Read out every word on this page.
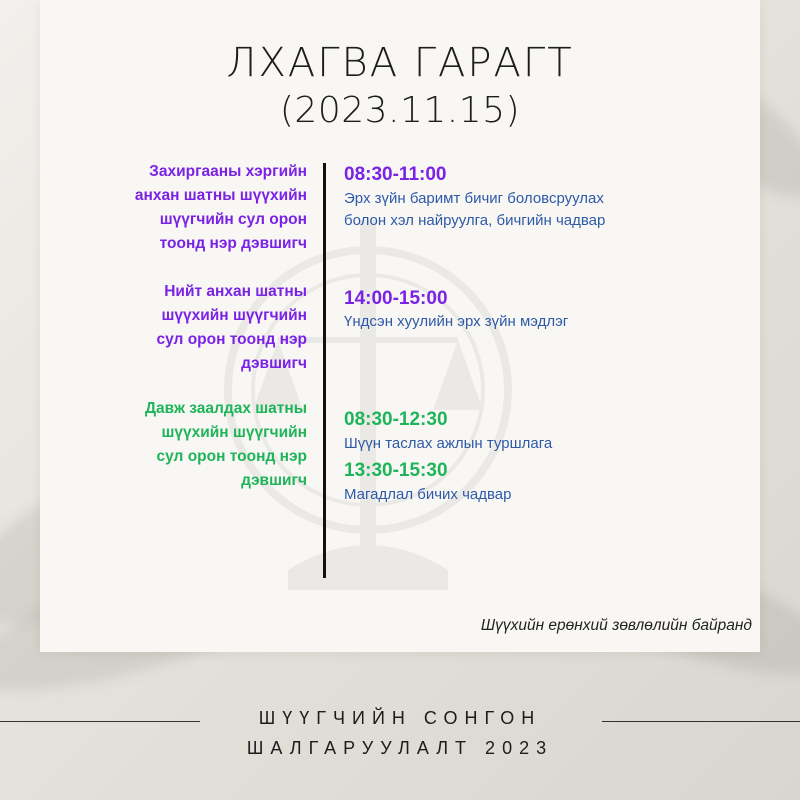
ЛХАГВА ГАРАГТ
(2023.11.15)
Захиргааны хэргийн
анхан шатны шүүхийн
шүүгчийн сул орон
тоонд нэр дэвшигч
08:30-11:00
Эрх зүйн баримт бичиг боловсруулах
болон хэл найруулга, бичгийн чадвар
Нийт анхан шатны
шүүхийн шүүгчийн
сул орон тоонд нэр
дэвшигч
14:00-15:00
Үндсэн хуулийн эрх зүйн мэдлэг
Давж заалдах шатны
шүүхийн шүүгчийн
сул орон тоонд нэр
дэвшигч
08:30-12:30
Шүүн таслах ажлын туршлага
13:30-15:30
Магадлал бичих чадвар
Шүүхийн ерөнхий зөвлөлийн байранд
ШҮҮГЧИЙН СОНГОН
ШАЛГАРУУЛАЛТ 2023
